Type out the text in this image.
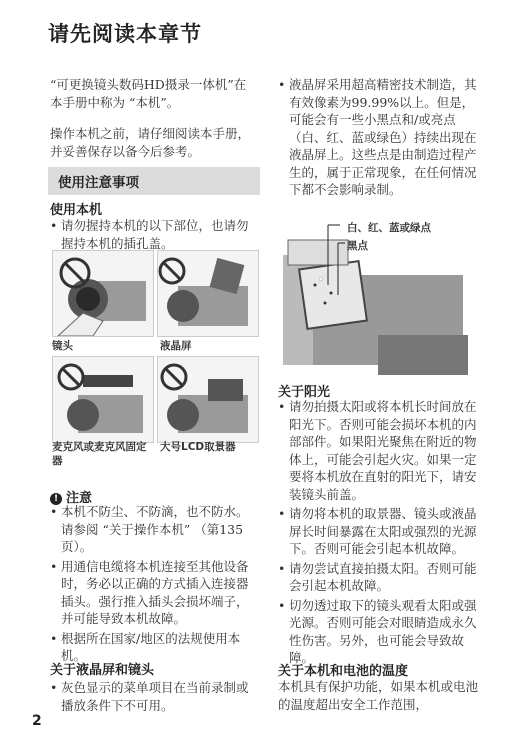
请先阅读本章节
“可更换镜头数码HD摄录一体机”在本手册中称为 “本机”。
操作本机之前，请仔细阅读本手册，并妥善保存以备今后参考。
使用注意事项
使用本机
• 请勿握持本机的以下部位，也请勿握持本机的插孔盖。
镜头	液晶屏
麦克风或麦克风固定器
大号LCD取景器
! 注意
• 本机不防尘、不防滴，也不防水。请参阅 “关于操作本机” （第135页）。
• 用通信电缆将本机连接至其他设备时，务必以正确的方式插入连接器插头。强行推入插头会损坏端子，并可能导致本机故障。
• 根据所在国家/地区的法规使用本机。
关于液晶屏和镜头
• 灰色显示的菜单项目在当前录制或播放条件下不可用。
2
• 液晶屏采用超高精密技术制造，其有效像素为99.99%以上。但是，可能会有一些小黑点和/或亮点 （白、红、蓝或绿色）持续出现在液晶屏上。这些点是由制造过程产生的，属于正常现象，在任何情况下都不会影响录制。
白、红、蓝或绿点
黑点
关于阳光
• 请勿拍摄太阳或将本机长时间放在阳光下。否则可能会损坏本机的内部部件。如果阳光聚焦在附近的物体上，可能会引起火灾。如果一定要将本机放在直射的阳光下，请安装镜头前盖。
• 请勿将本机的取景器、镜头或液晶屏长时间暴露在太阳或强烈的光源下。否则可能会引起本机故障。
• 请勿尝试直接拍摄太阳。否则可能会引起本机故障。
• 切勿透过取下的镜头观看太阳或强光源。否则可能会对眼睛造成永久性伤害。另外，也可能会导致故障。
关于本机和电池的温度
本机具有保护功能，如果本机或电池的温度超出安全工作范围，
